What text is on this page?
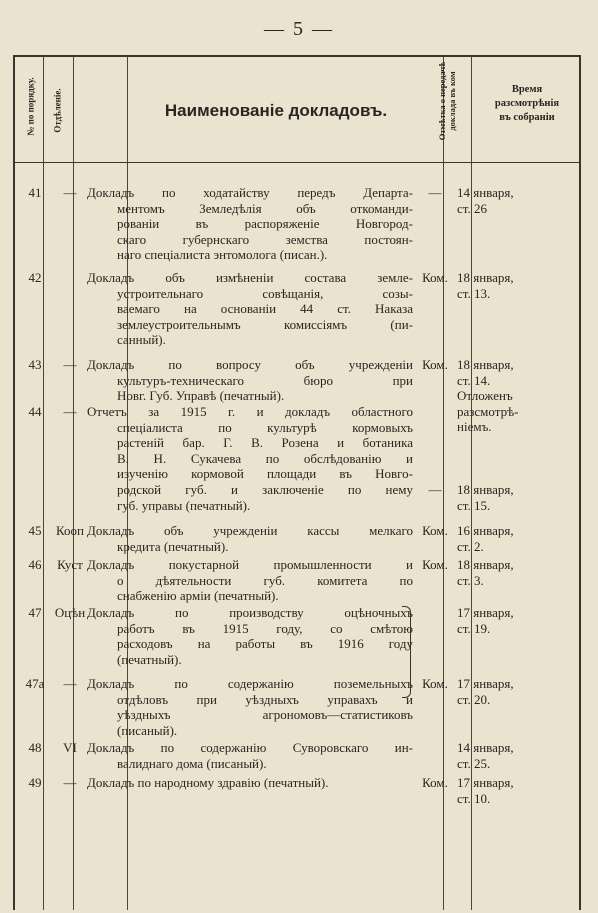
— 5 —
№ по порядку. Отдѣленіе.	Наименованіе докладовъ.	Отмѣтка о передачѣ доклада въ ком	Время
разсмотрѣнія
въ собраніи
41	— Докладъ по ходатайству передъ Департа-
ментомъ Земледѣлія объ откоманди-
рованіи въ распоряженіе Новгород-
скаго губернскаго земства постоян-
наго спеціалиста энтомолога (писан.).
—	14 января,
ст. 26
42	Докладъ объ измѣненіи состава земле-
устроительнаго совѣщанія, созы-
ваемаго на основаніи 44 ст. Наказа
землеустроительнымъ комиссіямъ (пи-
санный).
Ком. 18 января,
ст. 13.
43	— Докладъ по вопросу объ учрежденіи
культуръ-техническаго бюро при
Новг. Губ. Управѣ (печатный).
Ком. 18 января,
ст. 14.
Отложенъ
разсмотрѣ-
ніемъ.
44	— Отчетъ за 1915 г. и докладъ областного
спеціалиста по культурѣ кормовыхъ
растеній бар. Г. В. Розена и ботаника
В. Н. Сукачева по обслѣдованію и
изученію кормовой площади въ Новго-
родской губ. и заключеніе по нему
губ. управы (печатный).
—	18 января,
ст. 15.
45	Кооп Докладъ объ учрежденіи кассы мелкаго
кредита (печатный).
Ком. 16 января,
ст. 2.
46	Куст Докладъ покустарной промышленности и
о дѣятельности губ. комитета по
снабженію арміи (печатный).
Ком. 18 января,
ст. 3.
47	Оцѣн Докладъ по производству оцѣночныхъ
работъ въ 1915 году, со смѣтою
расходовъ на работы въ 1916 году
(печатный).
17 января,
ст. 19.
47а	— Докладъ по содержанію поземельныхъ
отдѣловъ при уѣздныхъ управахъ и
уѣздныхъ агрономовъ—статистиковъ
(писаный).
Ком. 17 января,
ст. 20.
48	VI Докладъ по содержанію Суворовскаго ин-
валиднаго дома (писаный).
14 января,
ст. 25.
49	— Докладъ по народному здравію (печатный).	Ком. 17 января,
ст. 10.
